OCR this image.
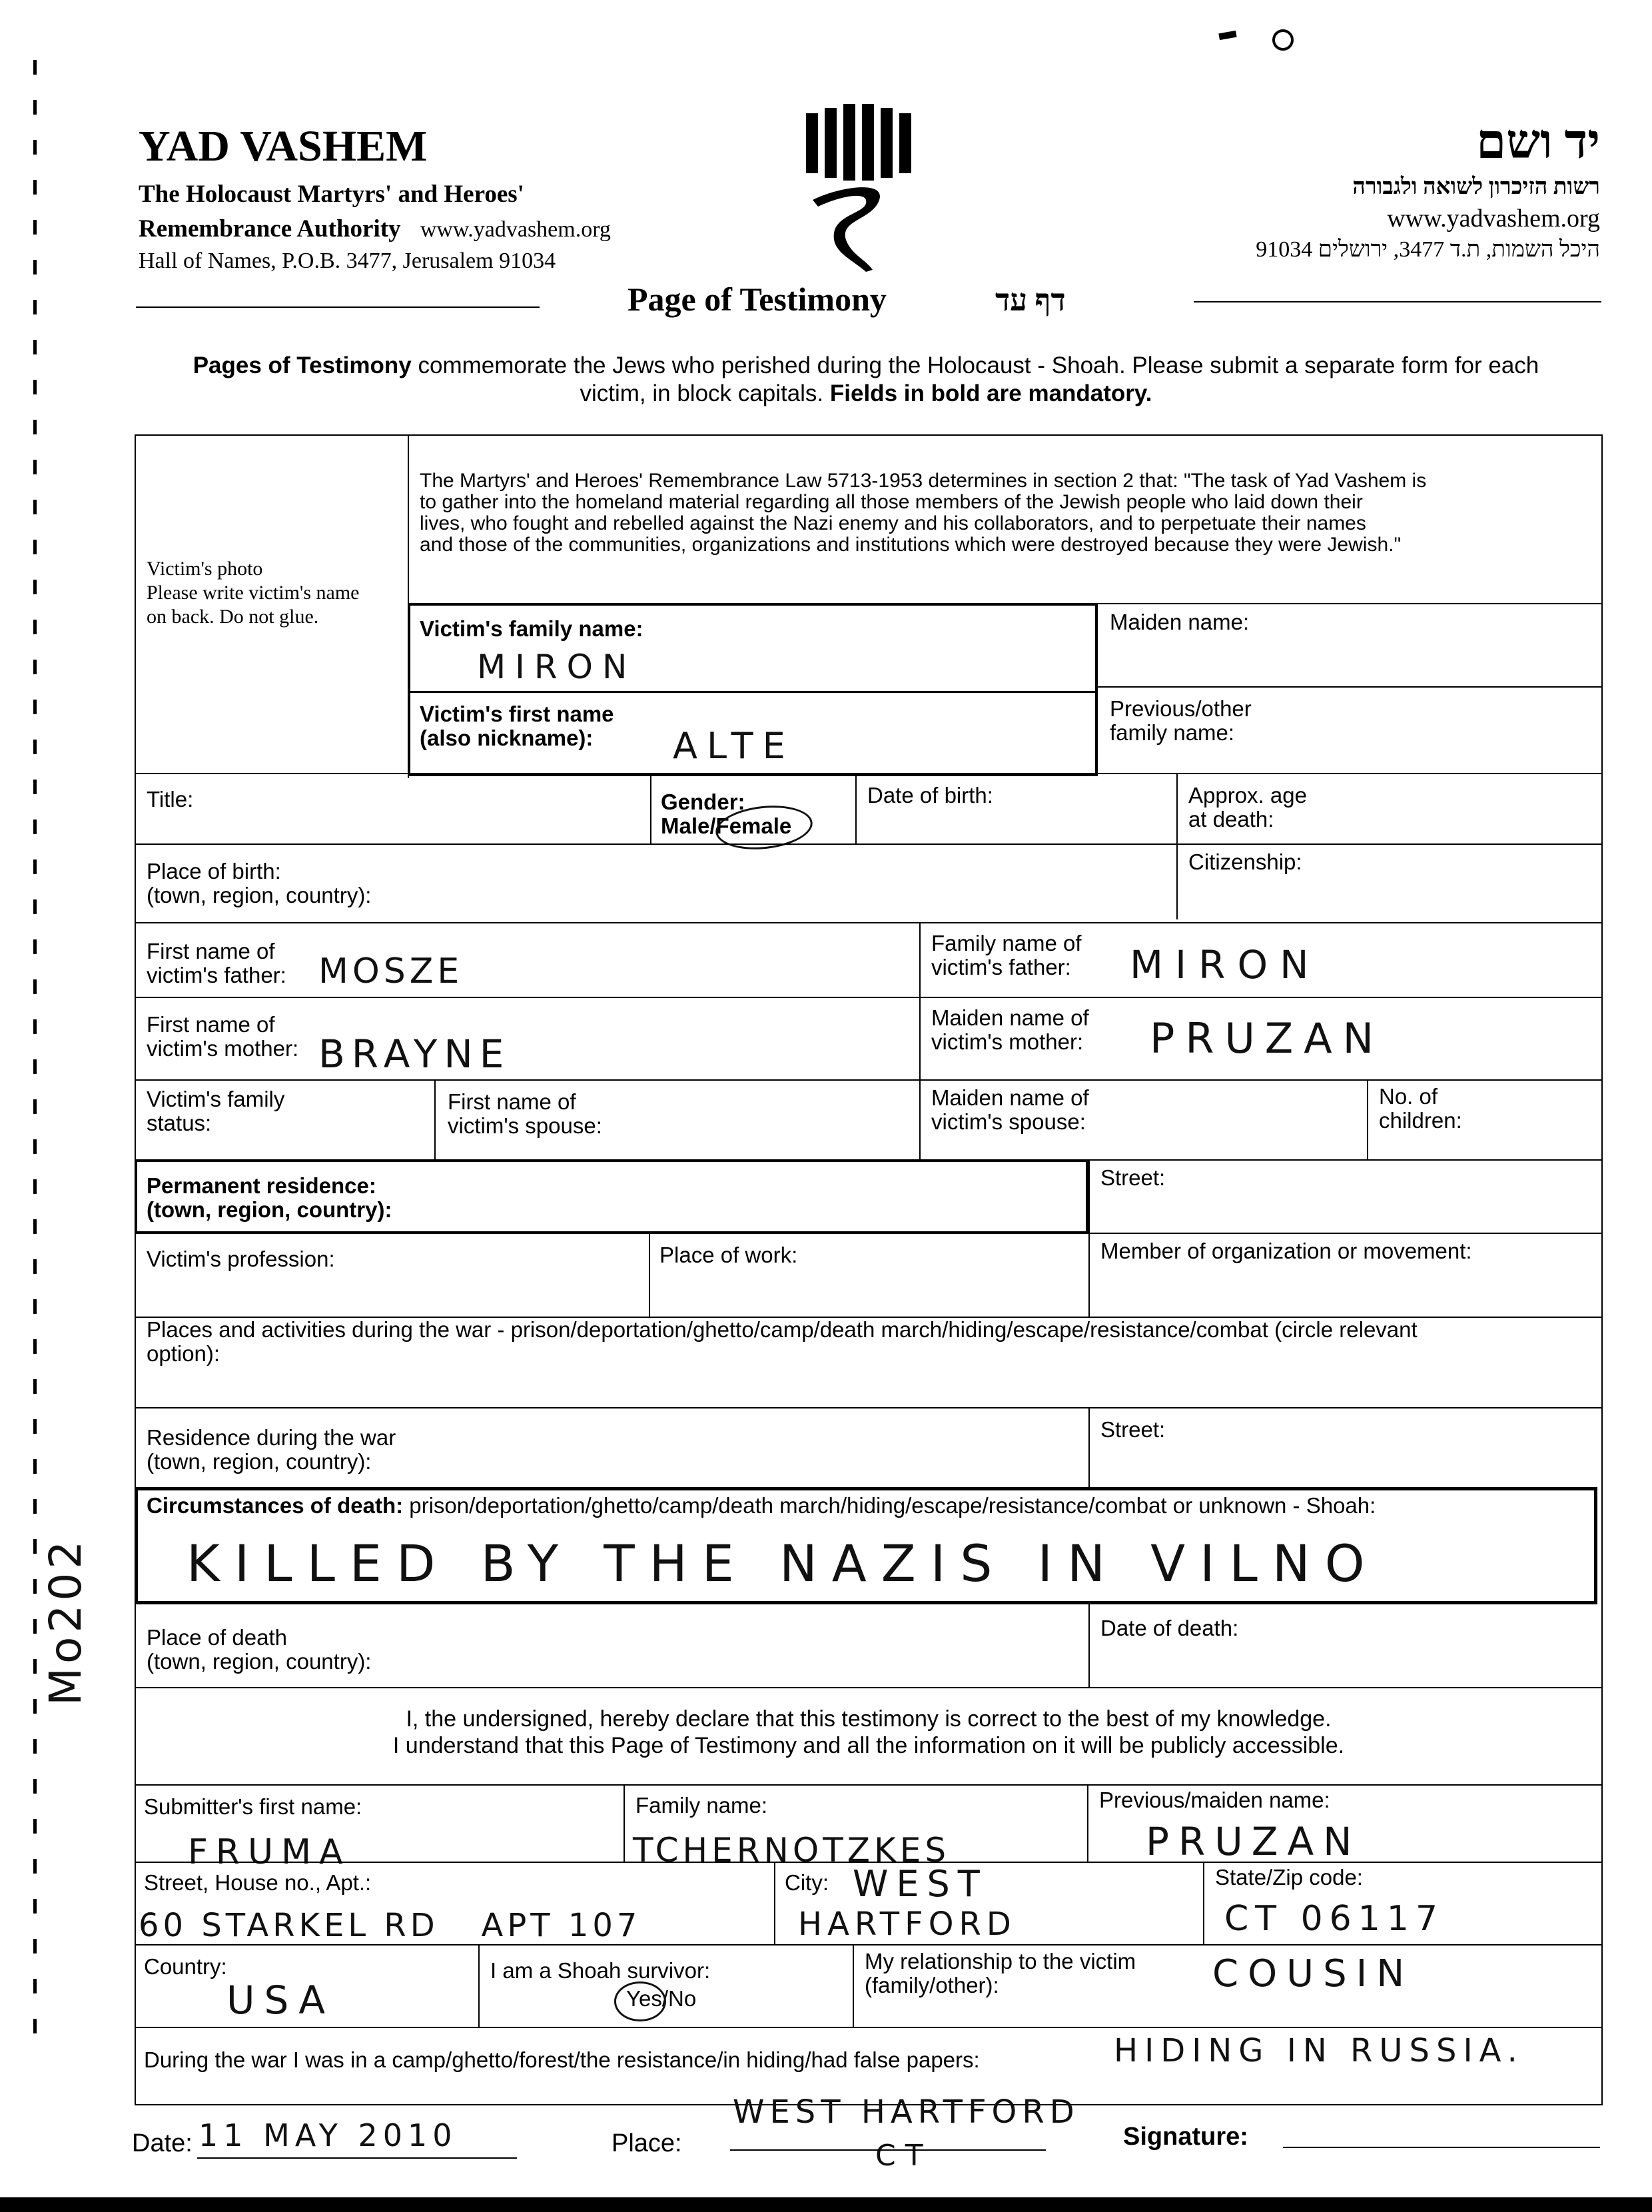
YAD VASHEM
The Holocaust Martyrs' and Heroes'
Remembrance Authority www.yadvashem.org
Hall of Names, P.O.B. 3477, Jerusalem 91034
Page of Testimony	דף עד
יד ושם
רשות הזיכרון לשואה ולגבורה
www.yadvashem.org
היכל השמות, ת.ד 3477, ירושלים 91034
Pages of Testimony commemorate the Jews who perished during the Holocaust - Shoah. Please submit a separate form for each
victim, in block capitals. Fields in bold are mandatory.
Victim's photo
Please write victim's name
on back. Do not glue.
The Martyrs' and Heroes' Remembrance Law 5713-1953 determines in section 2 that: "The task of Yad Vashem is
to gather into the homeland material regarding all those members of the Jewish people who laid down their
lives, who fought and rebelled against the Nazi enemy and his collaborators, and to perpetuate their names
and those of the communities, organizations and institutions which were destroyed because they were Jewish."
Victim's family name:
MIRON
Maiden name:
Victim's first name
(also nickname):	ALTE
Previous/other
family name:
Title:	Gender:
Male/Female
Date of birth:	Approx. age
at death:
Place of birth:
(town, region, country):
Citizenship:
First name of
victim's father: MOSZE
Family name of
victim's father: MIRON
First name of
victim's mother: BRAYNE
Maiden name of
victim's mother: PRUZAN
Victim's family
status:
First name of
victim's spouse:
Maiden name of
victim's spouse:
No. of
children:
Permanent residence:
(town, region, country):
Street:
Victim's profession:	Place of work:	Member of organization or movement:
Places and activities during the war - prison/deportation/ghetto/camp/death march/hiding/escape/resistance/combat (circle relevant
option):
Residence during the war
(town, region, country):
Street:
Circumstances of death: prison/deportation/ghetto/camp/death march/hiding/escape/resistance/combat or unknown - Shoah:
KILLED BY THE NAZIS IN VILNO
Place of death
(town, region, country):
Date of death:
I, the undersigned, hereby declare that this testimony is correct to the best of my knowledge.
I understand that this Page of Testimony and all the information on it will be publicly accessible.
Submitter's first name:
FRUMA
Family name:
TCHERNOTZKES
Previous/maiden name:
PRUZAN
Street, House no., Apt.:
60 STARKEL RD   APT 107
City: WEST
HARTFORD
State/Zip code:
CT 06117
Country:
USA
I am a Shoah survivor:
Yes/No
My relationship to the victim
(family/other):	COUSIN
During the war I was in a camp/ghetto/forest/the resistance/in hiding/had false papers:	HIDING IN RUSSIA.
Date: 11 MAY 2010	Place:
WEST HARTFORD
CT
Signature:
Mo202
